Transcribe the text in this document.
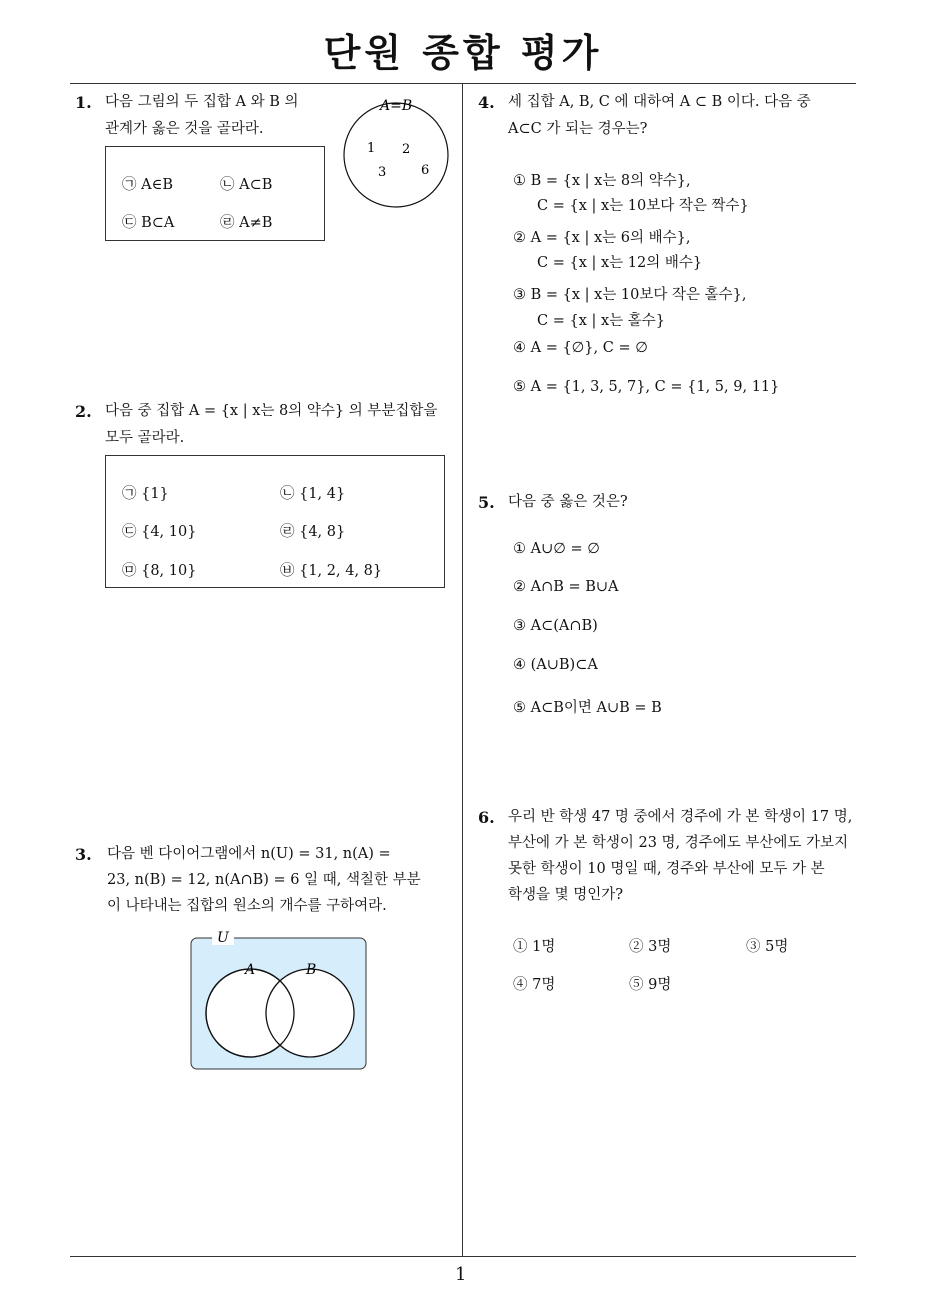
단원 종합 평가
1
1. 다음 그림의 두 집합 A 와 B 의
관계가 옳은 것을 골라라.
㉠ A∈B	㉡ A⊂B
㉢ B⊂A	㉣ A≠B
A=B
1 2
3	6
2. 다음 중 집합 A = {x | x는 8의 약수} 의 부분집합을
모두 골라라.
㉠ {1}	㉡ {1, 4}
㉢ {4, 10}	㉣ {4, 8}
㉤ {8, 10}	㉥ {1, 2, 4, 8}
3. 다음 벤 다이어그램에서 n(U) = 31, n(A) =
23, n(B) = 12, n(A∩B) = 6 일 때, 색칠한 부분
이 나타내는 집합의 원소의 개수를 구하여라.
U
A	B
4. 세 집합 A, B, C 에 대하여 A ⊂ B 이다. 다음 중
A⊂C 가 되는 경우는?
① B = {x | x는 8의 약수},
C = {x | x는 10보다 작은 짝수}
② A = {x | x는 6의 배수},
C = {x | x는 12의 배수}
③ B = {x | x는 10보다 작은 홀수},
C = {x | x는 홀수}
④ A = {∅}, C = ∅
⑤ A = {1, 3, 5, 7}, C = {1, 5, 9, 11}
5. 다음 중 옳은 것은?
① A∪∅ = ∅
② A∩B = B∪A
③ A⊂(A∩B)
④ (A∪B)⊂A
⑤ A⊂B이면 A∪B = B
6. 우리 반 학생 47 명 중에서 경주에 가 본 학생이 17 명,
부산에 가 본 학생이 23 명, 경주에도 부산에도 가보지
못한 학생이 10 명일 때, 경주와 부산에 모두 가 본
학생을 몇 명인가?
① 1명	② 3명	③ 5명
④ 7명	⑤ 9명
